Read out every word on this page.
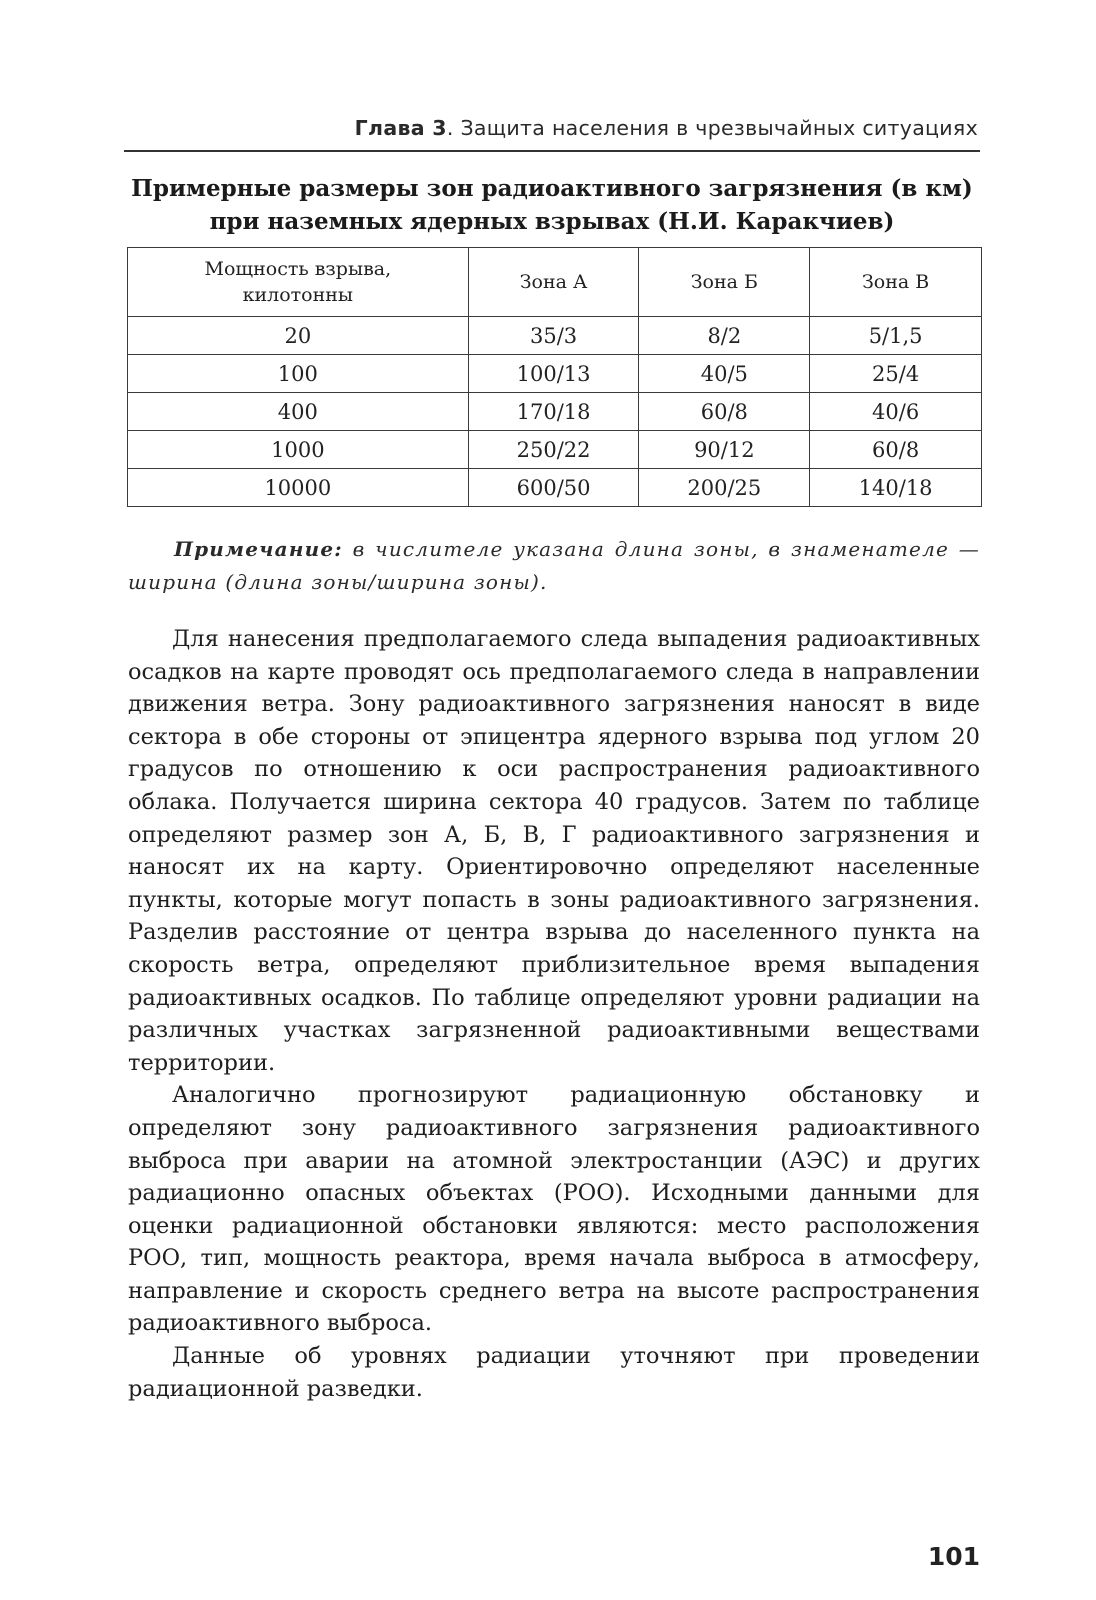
Глава 3. Защита населения в чрезвычайных ситуациях
Примерные размеры зон радиоактивного загрязнения (в км)
при наземных ядерных взрывах (Н.И. Каракчиев)
Мощность взрыва, килотонны	Зона А	Зона Б	Зона В
20	35/3	8/2	5/1,5
100	100/13	40/5	25/4
400	170/18	60/8	40/6
1000	250/22	90/12	60/8
10000	600/50	200/25	140/18
Примечание: в числителе указана длина зоны, в знаменателе — ширина (длина зоны/ширина зоны).

Для нанесения предполагаемого следа выпадения радиоактивных осадков на карте проводят ось предполагаемого следа в направлении движения ветра. Зону радиоактивного загрязнения наносят в виде сектора в обе стороны от эпицентра ядерного взрыва под углом 20 градусов по отношению к оси распространения радиоактивного облака. Получается ширина сектора 40 градусов. Затем по таблице определяют размер зон А, Б, В, Г радиоактивного загрязнения и наносят их на карту. Ориентировочно определяют населенные пункты, которые могут попасть в зоны радиоактивного загрязнения. Разделив расстояние от центра взрыва до населенного пункта на скорость ветра, определяют приблизительное время выпадения радиоактивных осадков. По таблице определяют уровни радиации на различных участках загрязненной радиоактивными веществами территории.

Аналогично прогнозируют радиационную обстановку и определяют зону радиоактивного загрязнения радиоактивного выброса при аварии на атомной электростанции (АЭС) и других радиационно опасных объектах (РОО). Исходными данными для оценки радиационной обстановки являются: место расположения РОО, тип, мощность реактора, время начала выброса в атмосферу, направление и скорость среднего ветра на высоте распространения радиоактивного выброса.

Данные об уровнях радиации уточняют при проведении радиационной разведки.

101
